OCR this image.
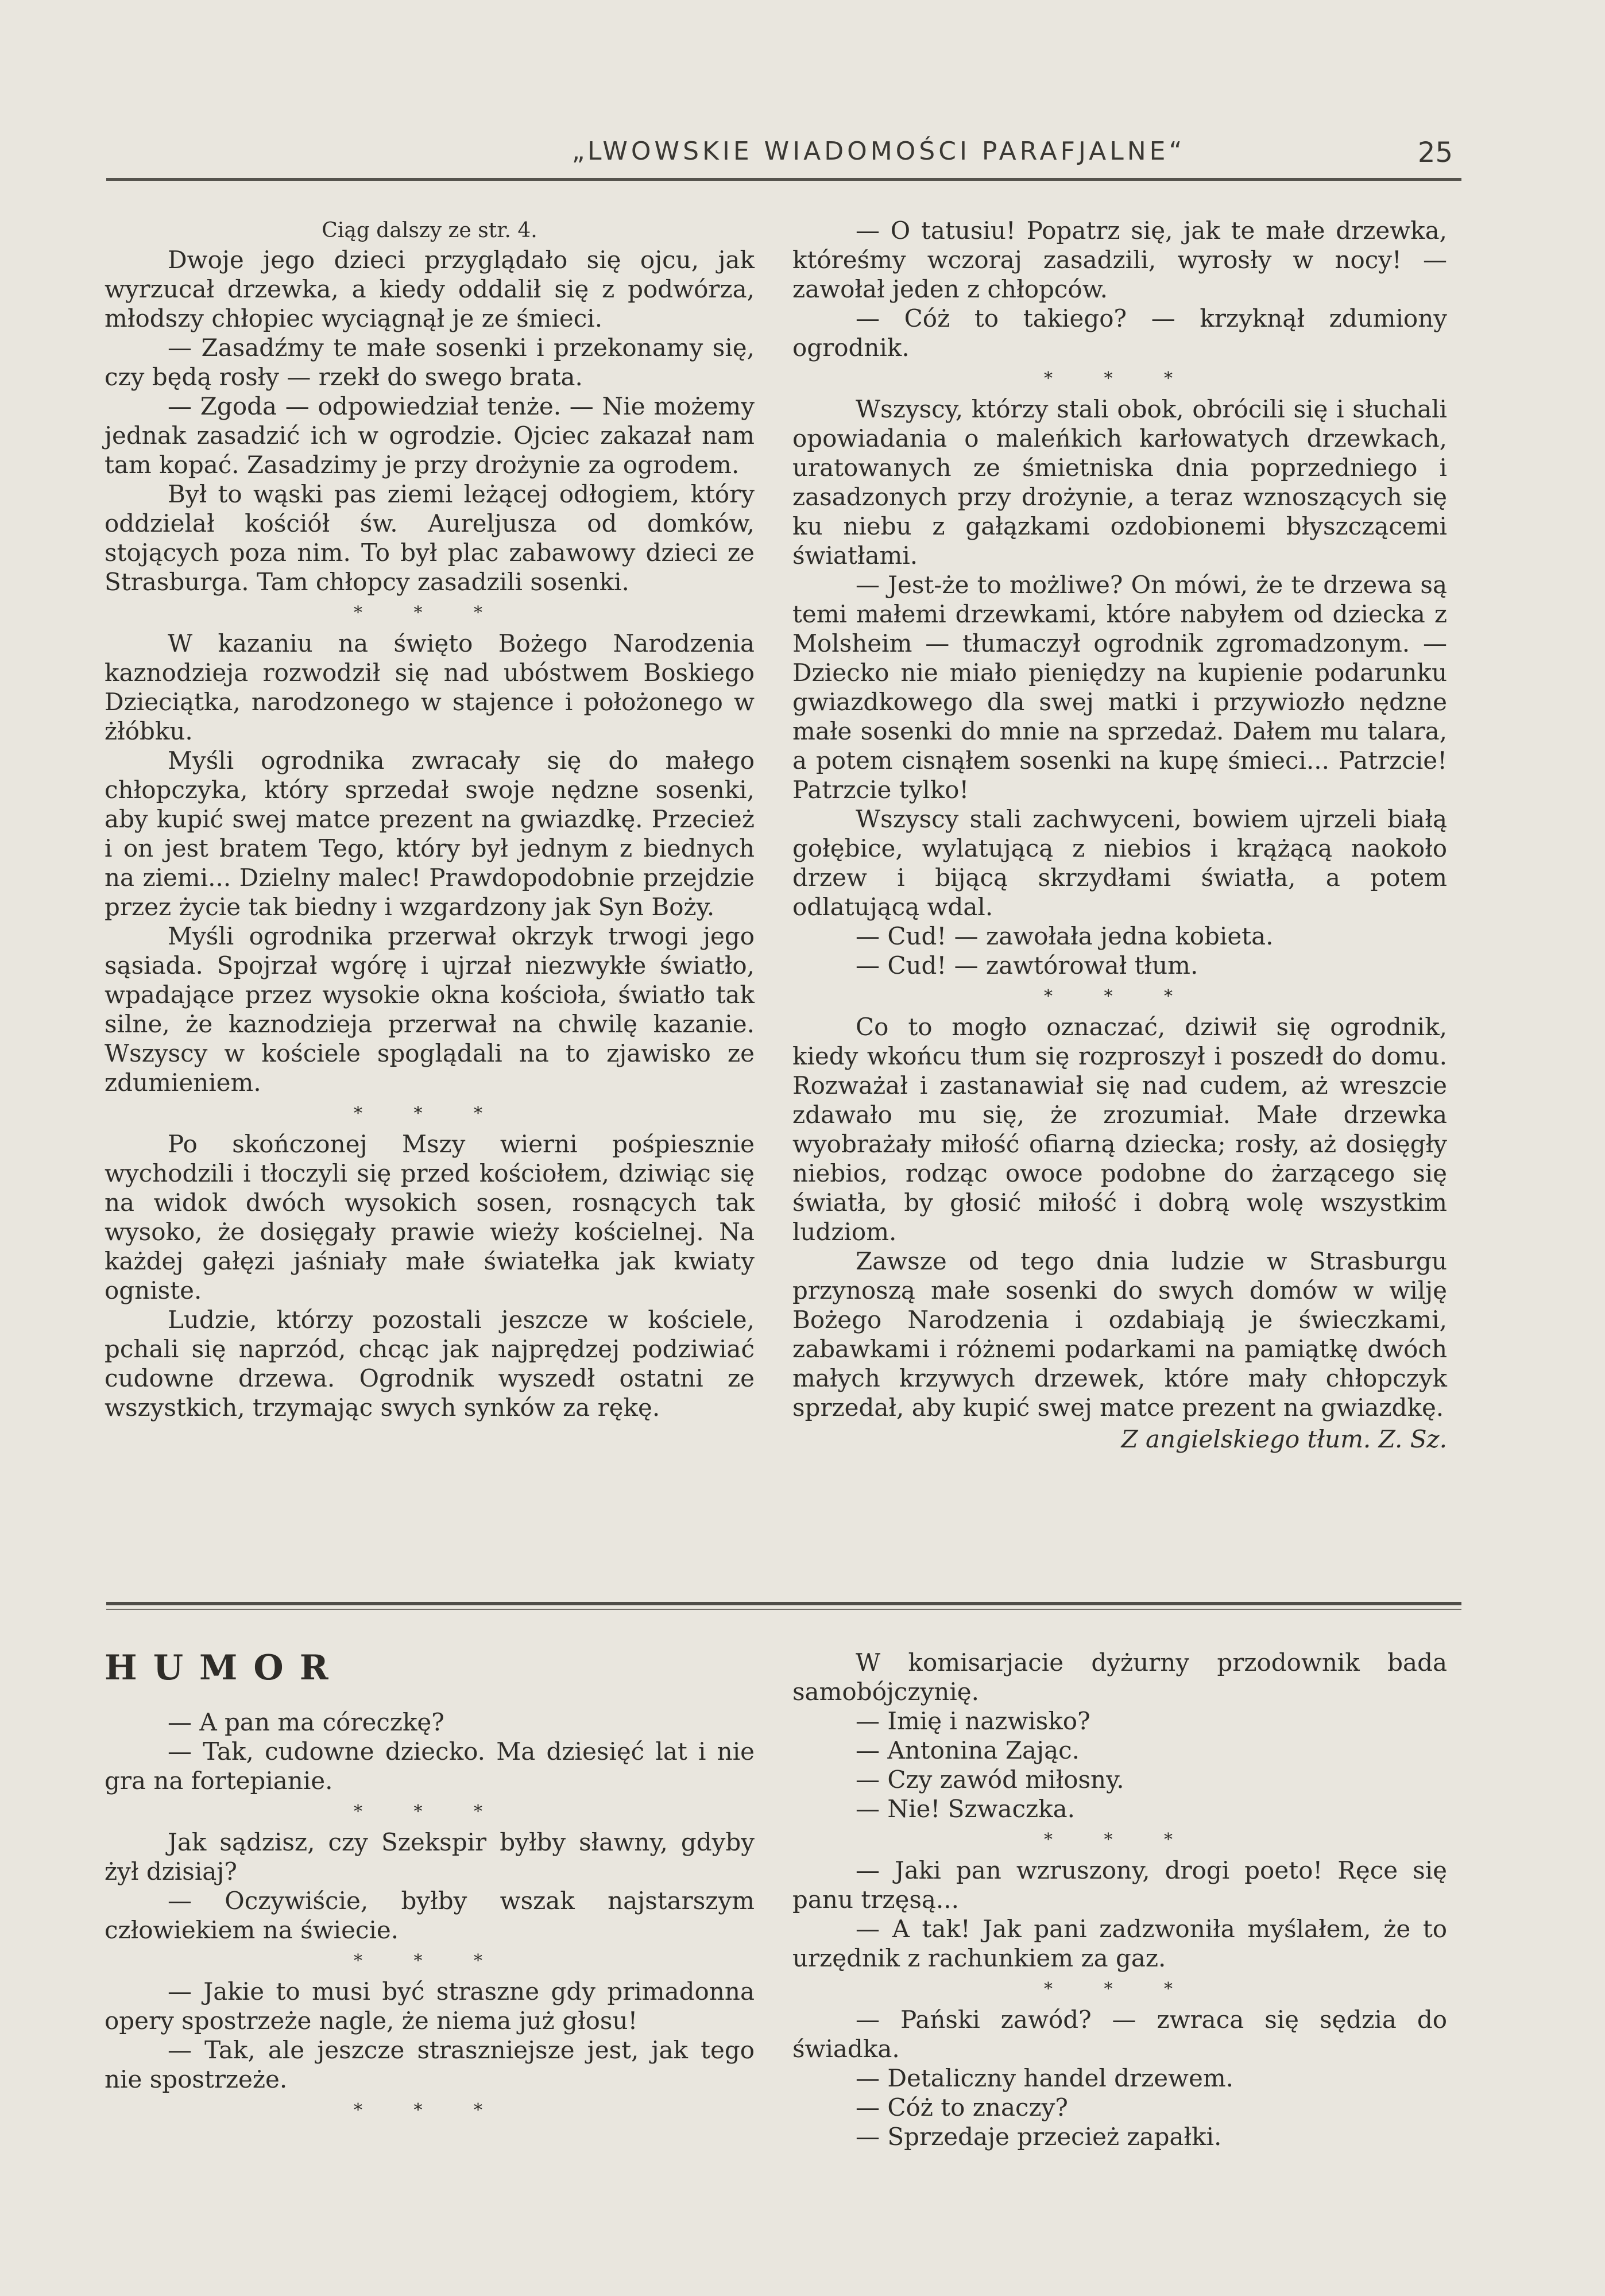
„LWOWSKIE WIADOMOŚCI PARAFJALNE“	25

Ciąg dalszy ze str. 4.

Dwoje jego dzieci przyglądało się ojcu, jak wyrzucał drzewka, a kiedy oddalił się z podwórza, młodszy chłopiec wyciągnął je ze śmieci.

— Zasadźmy te małe sosenki i przekonamy się, czy będą rosły — rzekł do swego brata.

— Zgoda — odpowiedział tenże. — Nie możemy jednak zasadzić ich w ogrodzie. Ojciec zakazał nam tam kopać. Zasadzimy je przy drożynie za ogrodem.

Był to wąski pas ziemi leżącej odłogiem, który oddzielał kościół św. Aureljusza od domków, stojących poza nim. To był plac zabawowy dzieci ze Strasburga. Tam chłopcy zasadzili sosenki.

* * *

W kazaniu na święto Bożego Narodzenia kaznodzieja rozwodził się nad ubóstwem Boskiego Dzieciątka, narodzonego w stajence i położonego w żłóbku.

Myśli ogrodnika zwracały się do małego chłopczyka, który sprzedał swoje nędzne sosenki, aby kupić swej matce prezent na gwiazdkę. Przecież i on jest bratem Tego, który był jednym z biednych na ziemi... Dzielny malec! Prawdopodobnie przejdzie przez życie tak biedny i wzgardzony jak Syn Boży.

Myśli ogrodnika przerwał okrzyk trwogi jego sąsiada. Spojrzał wgórę i ujrzał niezwykłe światło, wpadające przez wysokie okna kościoła, światło tak silne, że kaznodzieja przerwał na chwilę kazanie. Wszyscy w kościele spoglądali na to zjawisko ze zdumieniem.

* * *

Po skończonej Mszy wierni pośpiesznie wychodzili i tłoczyli się przed kościołem, dziwiąc się na widok dwóch wysokich sosen, rosnących tak wysoko, że dosięgały prawie wieży kościelnej. Na każdej gałęzi jaśniały małe światełka jak kwiaty ogniste.

Ludzie, którzy pozostali jeszcze w kościele, pchali się naprzód, chcąc jak najprędzej podziwiać cudowne drzewa. Ogrodnik wyszedł ostatni ze wszystkich, trzymając swych synków za rękę.

— O tatusiu! Popatrz się, jak te małe drzewka, któreśmy wczoraj zasadzili, wyrosły w nocy! — zawołał jeden z chłopców.

— Cóż to takiego? — krzyknął zdumiony ogrodnik.

* * *

Wszyscy, którzy stali obok, obrócili się i słuchali opowiadania o maleńkich karłowatych drzewkach, uratowanych ze śmietniska dnia poprzedniego i zasadzonych przy drożynie, a teraz wznoszących się ku niebu z gałązkami ozdobionemi błyszczącemi światłami.

— Jest-że to możliwe? On mówi, że te drzewa są temi małemi drzewkami, które nabyłem od dziecka z Molsheim — tłumaczył ogrodnik zgromadzonym. — Dziecko nie miało pieniędzy na kupienie podarunku gwiazdkowego dla swej matki i przywiozło nędzne małe sosenki do mnie na sprzedaż. Dałem mu talara, a potem cisnąłem sosenki na kupę śmieci... Patrzcie! Patrzcie tylko!

Wszyscy stali zachwyceni, bowiem ujrzeli białą gołębice, wylatującą z niebios i krążącą naokoło drzew i bijącą skrzydłami światła, a potem odlatującą wdal.

— Cud! — zawołała jedna kobieta.

— Cud! — zawtórował tłum.

* * *

Co to mogło oznaczać, dziwił się ogrodnik, kiedy wkońcu tłum się rozproszył i poszedł do domu. Rozważał i zastanawiał się nad cudem, aż wreszcie zdawało mu się, że zrozumiał. Małe drzewka wyobrażały miłość ofiarną dziecka; rosły, aż dosięgły niebios, rodząc owoce podobne do żarzącego się światła, by głosić miłość i dobrą wolę wszystkim ludziom.

Zawsze od tego dnia ludzie w Strasburgu przynoszą małe sosenki do swych domów w wilję Bożego Narodzenia i ozdabiają je świeczkami, zabawkami i różnemi podarkami na pamiątkę dwóch małych krzywych drzewek, które mały chłopczyk sprzedał, aby kupić swej matce prezent na gwiazdkę.

Z angielskiego tłum. Z. Sz.

HUMOR

— A pan ma córeczkę?

— Tak, cudowne dziecko. Ma dziesięć lat i nie gra na fortepianie.

* * *

Jak sądzisz, czy Szekspir byłby sławny, gdyby żył dzisiaj?

— Oczywiście, byłby wszak najstarszym człowiekiem na świecie.

* * *

— Jakie to musi być straszne gdy primadonna opery spostrzeże nagle, że niema już głosu!

— Tak, ale jeszcze straszniejsze jest, jak tego nie spostrzeże.

* * *

W komisarjacie dyżurny przodownik bada samobójczynię.

— Imię i nazwisko?

— Antonina Zając.

— Czy zawód miłosny.

— Nie! Szwaczka.

* * *

— Jaki pan wzruszony, drogi poeto! Ręce się panu trzęsą...

— A tak! Jak pani zadzwoniła myślałem, że to urzędnik z rachunkiem za gaz.

* * *

— Pański zawód? — zwraca się sędzia do świadka.

— Detaliczny handel drzewem.

— Cóż to znaczy?

— Sprzedaje przecież zapałki.
